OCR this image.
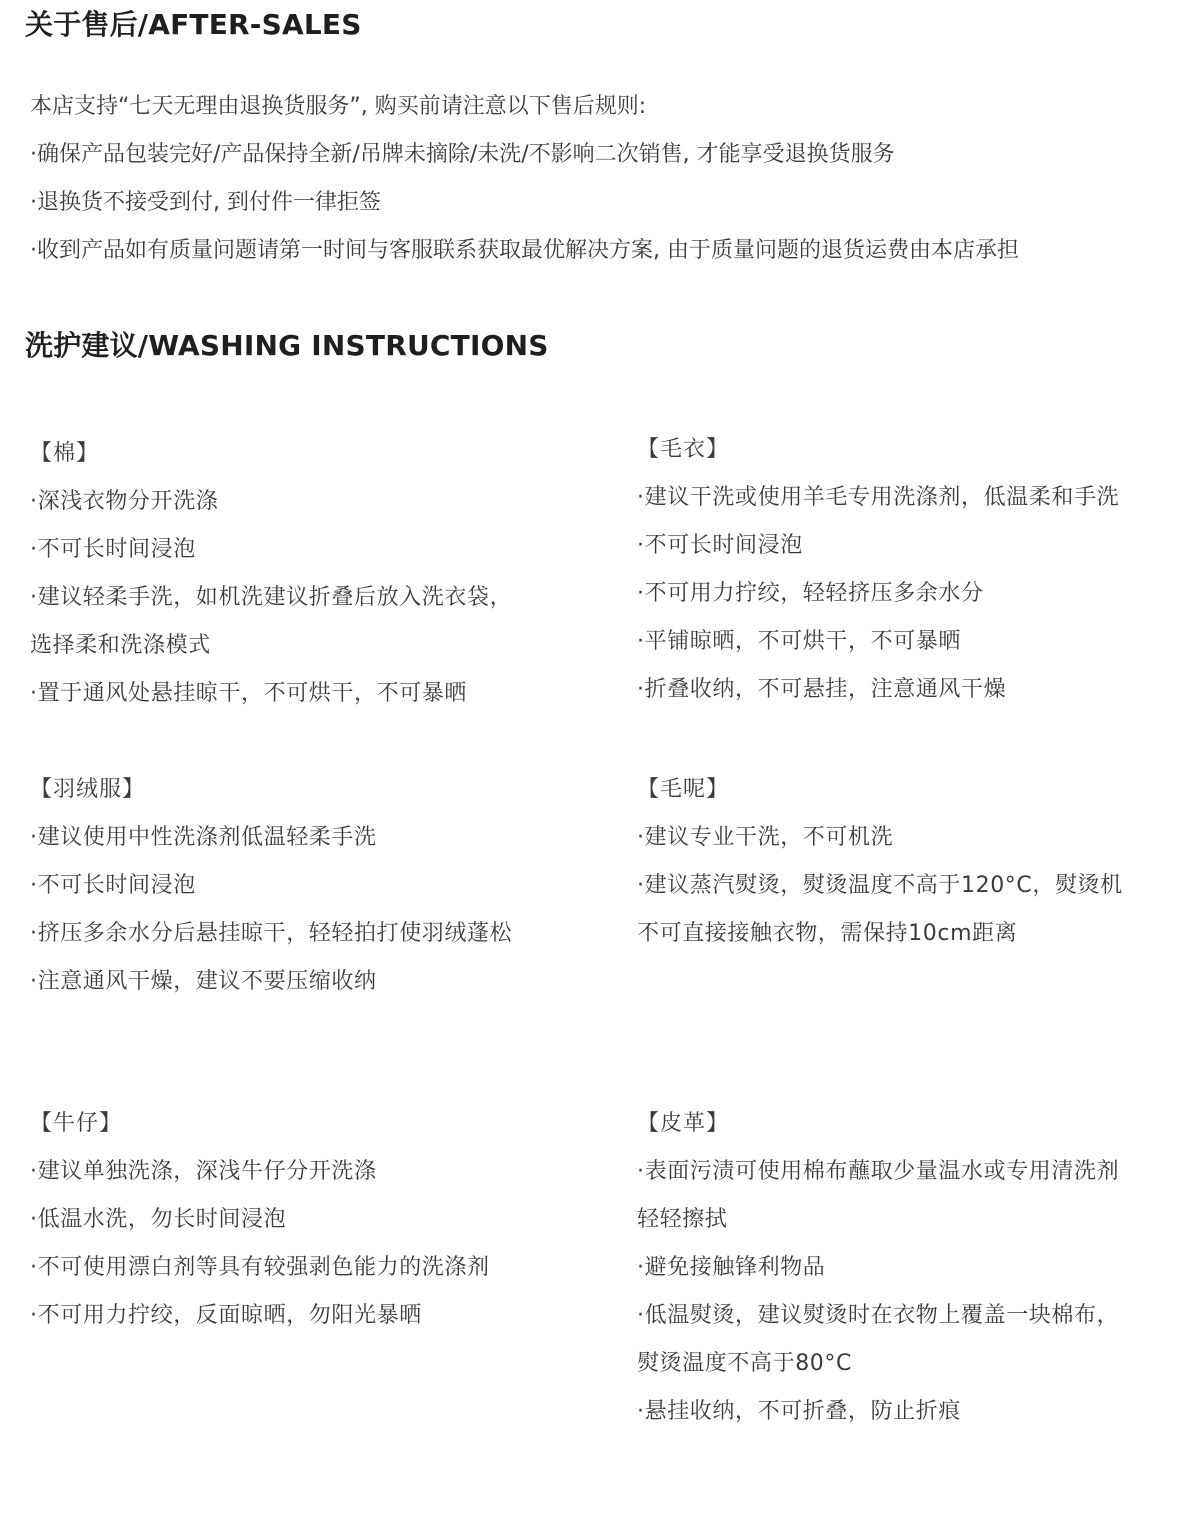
关于售后/AFTER-SALES
本店支持“七天无理由退换货服务”, 购买前请注意以下售后规则:
·确保产品包装完好/产品保持全新/吊牌未摘除/未洗/不影响二次销售, 才能享受退换货服务
·退换货不接受到付, 到付件一律拒签
·收到产品如有质量问题请第一时间与客服联系获取最优解决方案, 由于质量问题的退货运费由本店承担
洗护建议/WASHING INSTRUCTIONS
【棉】
·深浅衣物分开洗涤
·不可长时间浸泡
·建议轻柔手洗，如机洗建议折叠后放入洗衣袋，
选择柔和洗涤模式
·置于通风处悬挂晾干，不可烘干，不可暴晒
【毛衣】
·建议干洗或使用羊毛专用洗涤剂，低温柔和手洗
·不可长时间浸泡
·不可用力拧绞，轻轻挤压多余水分
·平铺晾晒，不可烘干，不可暴晒
·折叠收纳，不可悬挂，注意通风干燥
【羽绒服】
·建议使用中性洗涤剂低温轻柔手洗
·不可长时间浸泡
·挤压多余水分后悬挂晾干，轻轻拍打使羽绒蓬松
·注意通风干燥，建议不要压缩收纳
【毛呢】
·建议专业干洗，不可机洗
·建议蒸汽熨烫，熨烫温度不高于120°C，熨烫机
不可直接接触衣物，需保持10cm距离
【牛仔】
·建议单独洗涤，深浅牛仔分开洗涤
·低温水洗，勿长时间浸泡
·不可使用漂白剂等具有较强剥色能力的洗涤剂
·不可用力拧绞，反面晾晒，勿阳光暴晒
【皮革】
·表面污渍可使用棉布蘸取少量温水或专用清洗剂
轻轻擦拭
·避免接触锋利物品
·低温熨烫，建议熨烫时在衣物上覆盖一块棉布，
熨烫温度不高于80°C
·悬挂收纳，不可折叠，防止折痕
